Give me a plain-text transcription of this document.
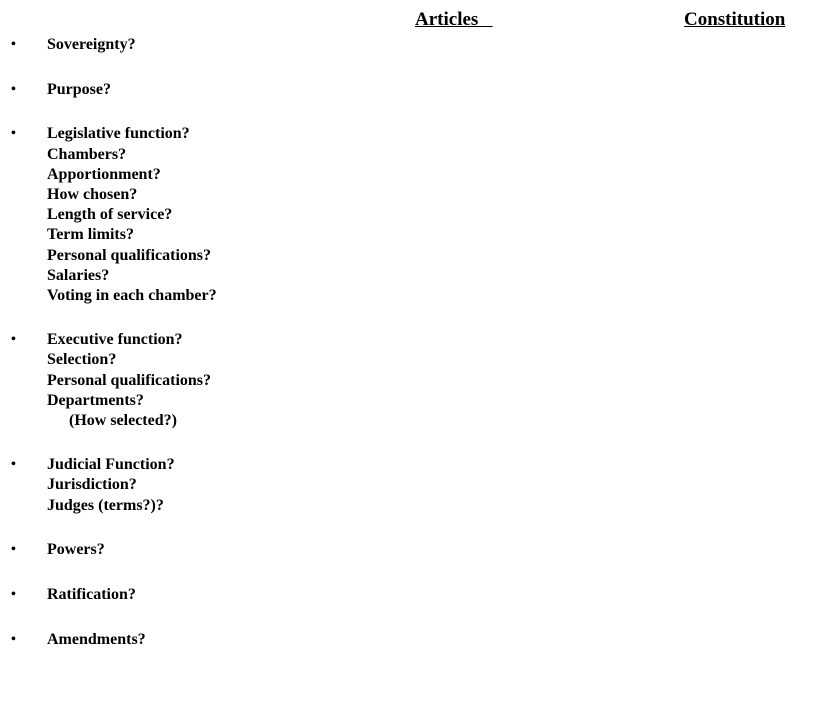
Articles	Constitution
• Sovereignty?
• Purpose?
• Legislative function?
Chambers?
Apportionment?
How chosen?
Length of service?
Term limits?
Personal qualifications?
Salaries?
Voting in each chamber?
• Executive function?
Selection?
Personal qualifications?
Departments?
(How selected?)
• Judicial Function?
Jurisdiction?
Judges (terms?)?
• Powers?
• Ratification?
• Amendments?
